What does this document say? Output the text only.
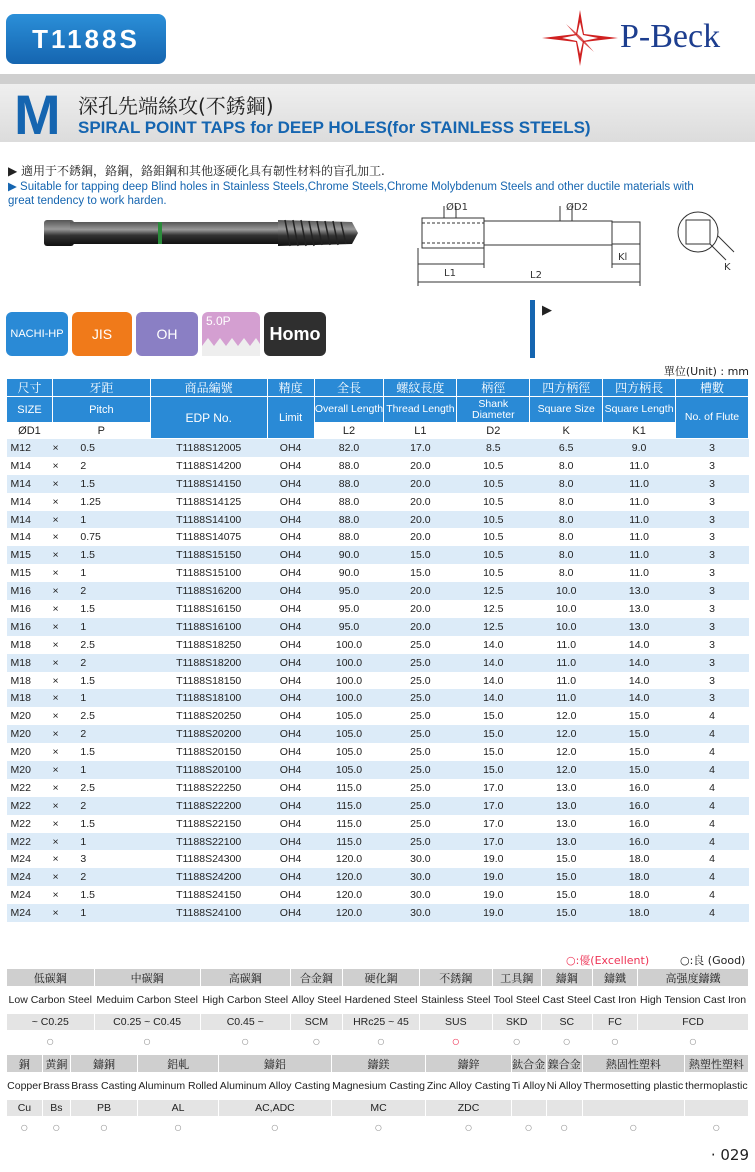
T1188S	P-Beck
M 深孔先端絲攻(不銹鋼)
SPIRAL POINT TAPS for DEEP HOLES(for STAINLESS STEELS)
▶ 適用于不銹鋼，鉻鋼，鉻鉬鋼和其他逐硬化具有韌性材料的盲孔加工.
▶ Suitable for tapping deep Blind holes in Stainless Steels,Chrome Steels,Chrome Molybdenum Steels and other ductile materials with great tendency to work harden.
ØD1	ØD2
L1	L2
Kl
K
NACHI-HP	JIS	OH
5.0P
Homo
▶
單位(Unit) : mm
尺寸	牙距		商品編號	精度	全長	螺紋長度	柄徑	四方柄徑	四方柄長	槽數
SIZE	Pitch		EDP No.	Limit	Overall Length	Thread Length	Shank Diameter	Square Size	Square Length	No. of Flute
ØD1	P				L2	L1	D2	K	K1	
M12	×	0.5	T1188S12005	OH4	82.0	17.0	8.5	6.5	9.0	3
M14	×	2	T1188S14200	OH4	88.0	20.0	10.5	8.0	11.0	3
M14	×	1.5	T1188S14150	OH4	88.0	20.0	10.5	8.0	11.0	3
M14	×	1.25	T1188S14125	OH4	88.0	20.0	10.5	8.0	11.0	3
M14	×	1	T1188S14100	OH4	88.0	20.0	10.5	8.0	11.0	3
M14	×	0.75	T1188S14075	OH4	88.0	20.0	10.5	8.0	11.0	3
M15	×	1.5	T1188S15150	OH4	90.0	15.0	10.5	8.0	11.0	3
M15	×	1	T1188S15100	OH4	90.0	15.0	10.5	8.0	11.0	3
M16	×	2	T1188S16200	OH4	95.0	20.0	12.5	10.0	13.0	3
M16	×	1.5	T1188S16150	OH4	95.0	20.0	12.5	10.0	13.0	3
M16	×	1	T1188S16100	OH4	95.0	20.0	12.5	10.0	13.0	3
M18	×	2.5	T1188S18250	OH4	100.0	25.0	14.0	11.0	14.0	3
M18	×	2	T1188S18200	OH4	100.0	25.0	14.0	11.0	14.0	3
M18	×	1.5	T1188S18150	OH4	100.0	25.0	14.0	11.0	14.0	3
M18	×	1	T1188S18100	OH4	100.0	25.0	14.0	11.0	14.0	3
M20	×	2.5	T1188S20250	OH4	105.0	25.0	15.0	12.0	15.0	4
M20	×	2	T1188S20200	OH4	105.0	25.0	15.0	12.0	15.0	4
M20	×	1.5	T1188S20150	OH4	105.0	25.0	15.0	12.0	15.0	4
M20	×	1	T1188S20100	OH4	105.0	25.0	15.0	12.0	15.0	4
M22	×	2.5	T1188S22250	OH4	115.0	25.0	17.0	13.0	16.0	4
M22	×	2	T1188S22200	OH4	115.0	25.0	17.0	13.0	16.0	4
M22	×	1.5	T1188S22150	OH4	115.0	25.0	17.0	13.0	16.0	4
M22	×	1	T1188S22100	OH4	115.0	25.0	17.0	13.0	16.0	4
M24	×	3	T1188S24300	OH4	120.0	30.0	19.0	15.0	18.0	4
M24	×	2	T1188S24200	OH4	120.0	30.0	19.0	15.0	18.0	4
M24	×	1.5	T1188S24150	OH4	120.0	30.0	19.0	15.0	18.0	4
M24	×	1	T1188S24100	OH4	120.0	30.0	19.0	15.0	18.0	4

○:優(Excellent)	○:良 (Good)
低碳鋼	中碳鋼	高碳鋼	合金鋼	硬化鋼	不銹鋼	工具鋼	鑄鋼	鑄鐵	高强度鑄鐵
Low Carbon Steel	Meduim Carbon Steel	High Carbon Steel	Alloy Steel	Hardened Steel	Stainless Steel	Tool Steel	Cast Steel	Cast Iron	High Tension Cast Iron
~ C0.25	C0.25 ~ C0.45	C0.45 ~	SCM	HRc25 ~ 45	SUS	SKD	SC	FC	FCD
○	○	○	○	○	○	○	○	○	○
銅	黄銅	鑄銅	鋁軋	鑄鋁	鑄鎂	鑄鋅	鈦合金	鎳合金	熱固性塑料	熱塑性塑料
Copper	Brass	Brass Casting	Aluminum Rolled	Aluminum Alloy Casting	Magnesium Casting	Zinc Alloy Casting	Ti Alloy	Ni Alloy	Thermosetting plastic	thermoplastic
Cu	Bs	PB	AL	AC,ADC	MC	ZDC				
○	○	○	○	○	○	○	○	○	○	○
· 029
